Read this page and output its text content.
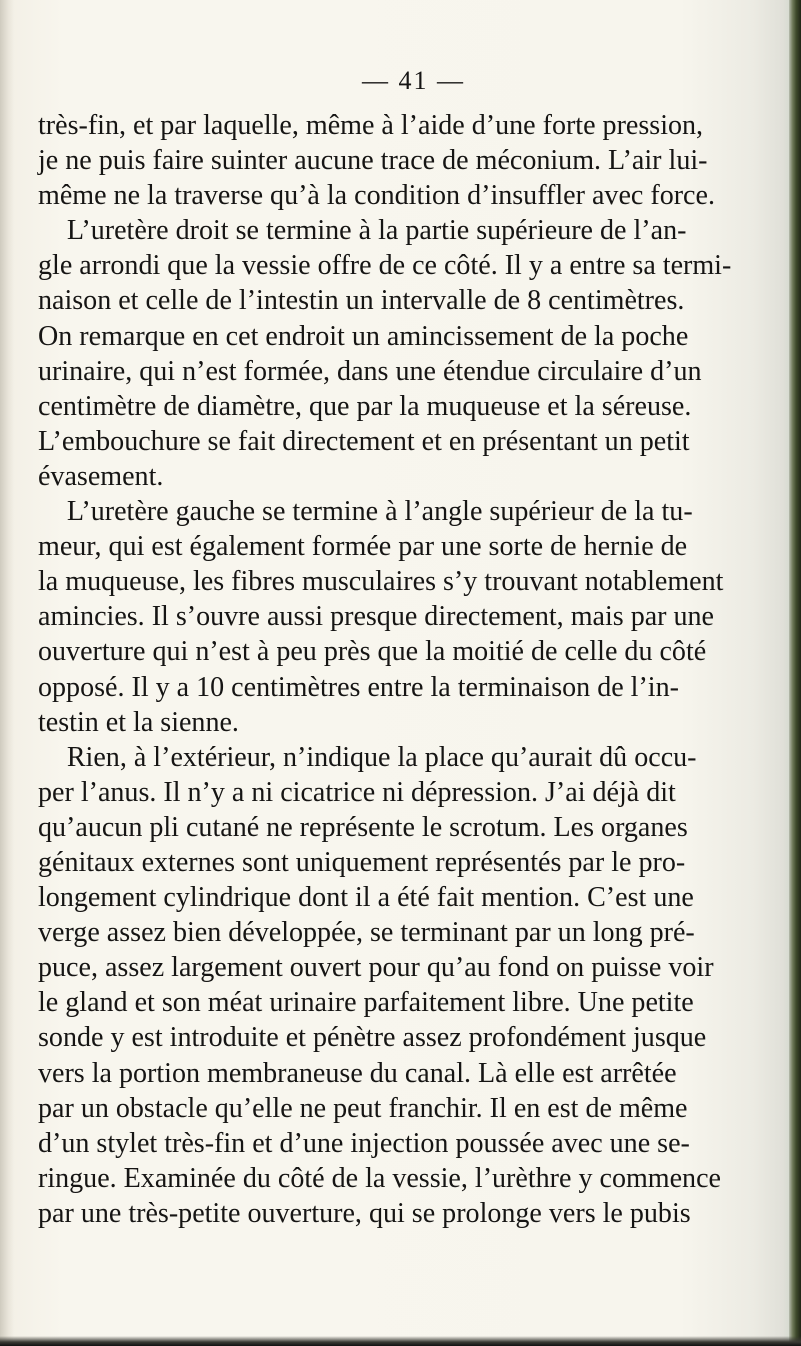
— 41 —
très-fin, et par laquelle, même à l’aide d’une forte pression,
je ne puis faire suinter aucune trace de méconium. L’air lui-
même ne la traverse qu’à la condition d’insuffler avec force.
L’uretère droit se termine à la partie supérieure de l’an-
gle arrondi que la vessie offre de ce côté. Il y a entre sa termi-
naison et celle de l’intestin un intervalle de 8 centimètres.
On remarque en cet endroit un amincissement de la poche
urinaire, qui n’est formée, dans une étendue circulaire d’un
centimètre de diamètre, que par la muqueuse et la séreuse.
L’embouchure se fait directement et en présentant un petit
évasement.
L’uretère gauche se termine à l’angle supérieur de la tu-
meur, qui est également formée par une sorte de hernie de
la muqueuse, les fibres musculaires s’y trouvant notablement
amincies. Il s’ouvre aussi presque directement, mais par une
ouverture qui n’est à peu près que la moitié de celle du côté
opposé. Il y a 10 centimètres entre la terminaison de l’in-
testin et la sienne.
Rien, à l’extérieur, n’indique la place qu’aurait dû occu-
per l’anus. Il n’y a ni cicatrice ni dépression. J’ai déjà dit
qu’aucun pli cutané ne représente le scrotum. Les organes
génitaux externes sont uniquement représentés par le pro-
longement cylindrique dont il a été fait mention. C’est une
verge assez bien développée, se terminant par un long pré-
puce, assez largement ouvert pour qu’au fond on puisse voir
le gland et son méat urinaire parfaitement libre. Une petite
sonde y est introduite et pénètre assez profondément jusque
vers la portion membraneuse du canal. Là elle est arrêtée
par un obstacle qu’elle ne peut franchir. Il en est de même
d’un stylet très-fin et d’une injection poussée avec une se-
ringue. Examinée du côté de la vessie, l’urèthre y commence
par une très-petite ouverture, qui se prolonge vers le pubis
